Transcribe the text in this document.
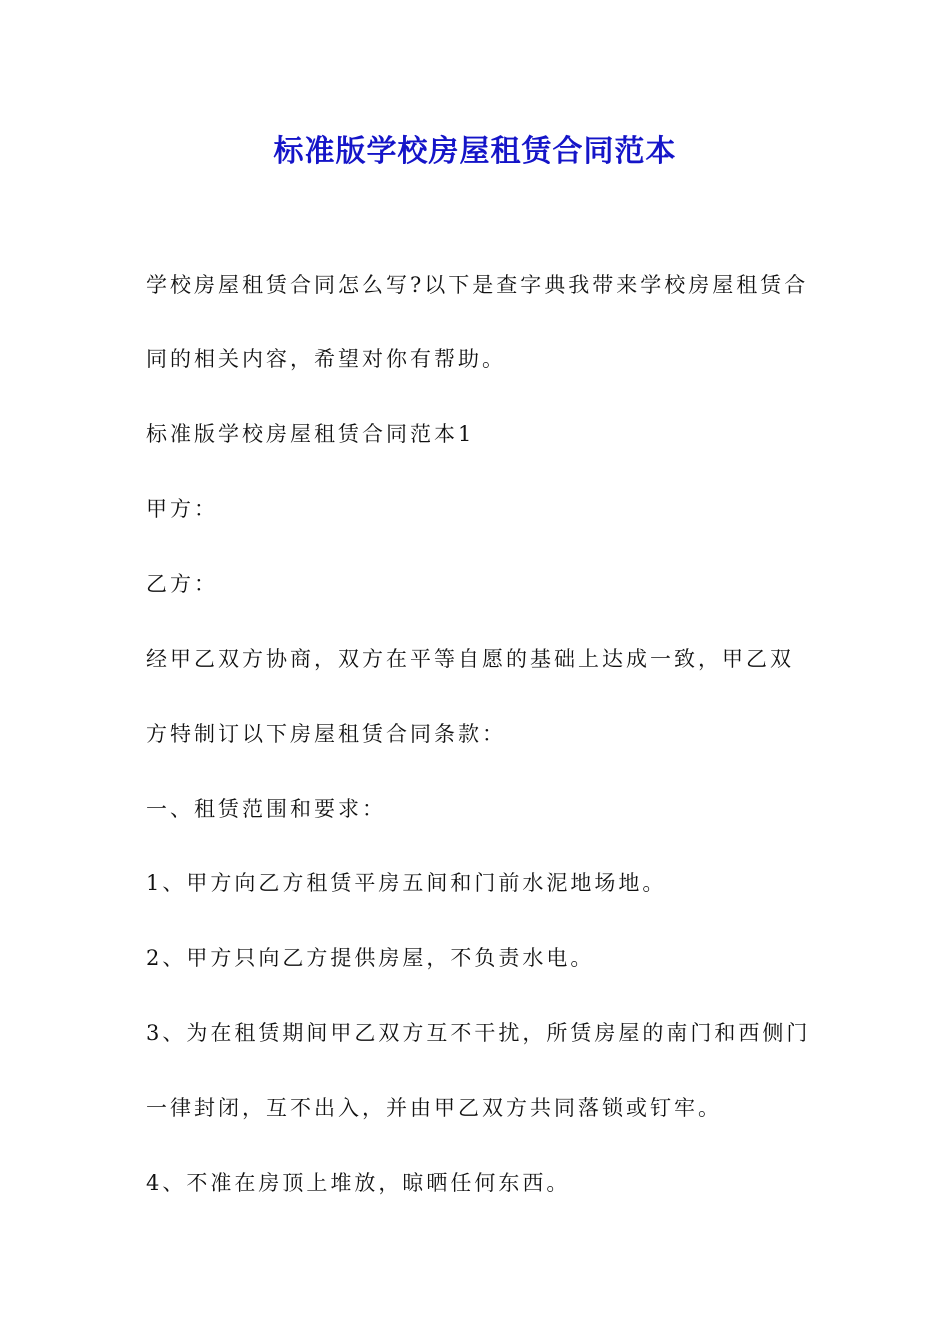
标准版学校房屋租赁合同范本

学校房屋租赁合同怎么写?以下是查字典我带来学校房屋租赁合

同的相关内容，希望对你有帮助。

标准版学校房屋租赁合同范本1

甲方：

乙方：

经甲乙双方协商，双方在平等自愿的基础上达成一致，甲乙双

方特制订以下房屋租赁合同条款：

一、租赁范围和要求：

1、甲方向乙方租赁平房五间和门前水泥地场地。

2、甲方只向乙方提供房屋，不负责水电。

3、为在租赁期间甲乙双方互不干扰，所赁房屋的南门和西侧门

一律封闭，互不出入，并由甲乙双方共同落锁或钉牢。

4、不准在房顶上堆放，晾晒任何东西。
